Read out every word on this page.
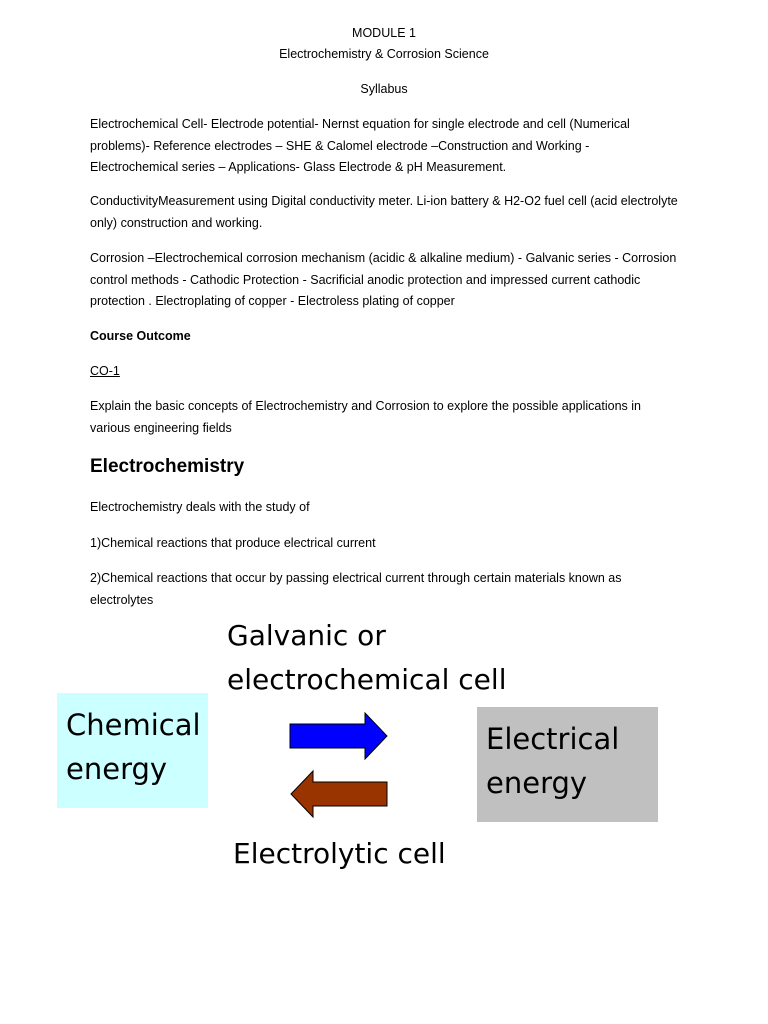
MODULE 1
Electrochemistry & Corrosion Science
Syllabus

Electrochemical Cell- Electrode potential- Nernst equation for single electrode and cell (Numerical problems)- Reference electrodes – SHE & Calomel electrode –Construction and Working - Electrochemical series – Applications- Glass Electrode & pH Measurement.

ConductivityMeasurement using Digital conductivity meter. Li-ion battery & H2-O2 fuel cell (acid electrolyte only) construction and working.

Corrosion –Electrochemical corrosion mechanism (acidic & alkaline medium) - Galvanic series - Corrosion control methods - Cathodic Protection - Sacrificial anodic protection and impressed current cathodic protection . Electroplating of copper - Electroless plating of copper

Course Outcome

CO-1

Explain the basic concepts of Electrochemistry and Corrosion to explore the possible applications in various engineering fields

Electrochemistry

Electrochemistry deals with the study of

1)Chemical reactions that produce electrical current

2)Chemical reactions that occur by passing electrical current through certain materials known as electrolytes

Galvanic or
electrochemical cell
Chemical
energy
Electrical
energy
Electrolytic cell
